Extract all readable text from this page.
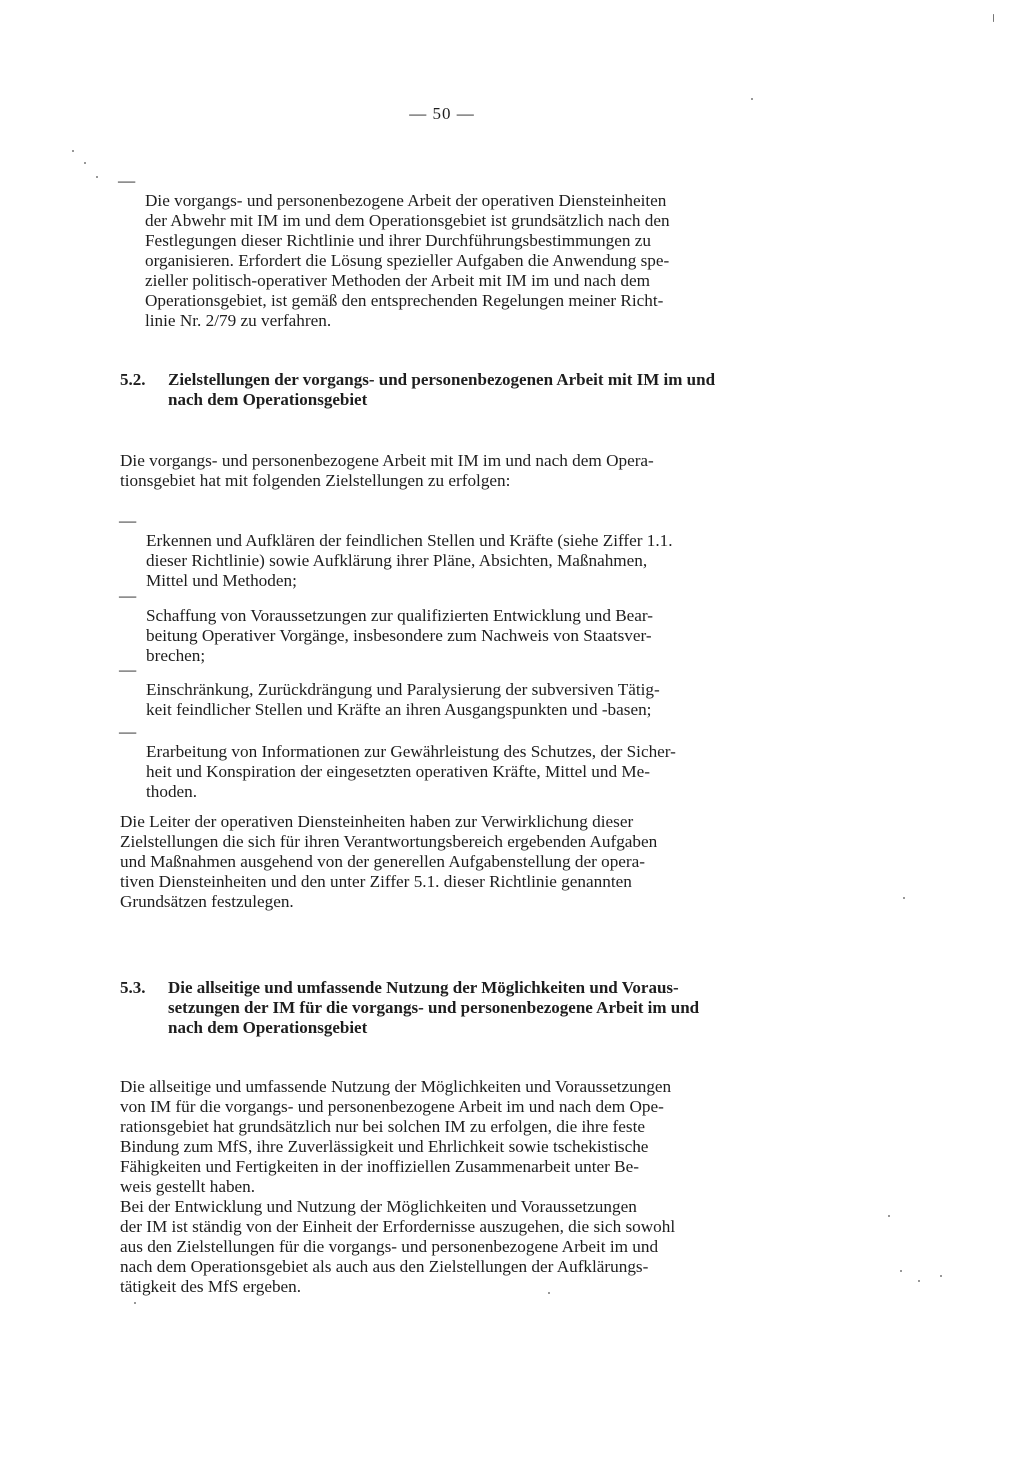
— 50 —

—
Die vorgangs- und personenbezogene Arbeit der operativen Diensteinheiten
der Abwehr mit IM im und dem Operationsgebiet ist grundsätzlich nach den
Festlegungen dieser Richtlinie und ihrer Durchführungsbestimmungen zu
organisieren. Erfordert die Lösung spezieller Aufgaben die Anwendung spe-
zieller politisch-operativer Methoden der Arbeit mit IM im und nach dem
Operationsgebiet, ist gemäß den entsprechenden Regelungen meiner Richt-
linie Nr. 2/79 zu verfahren.

5.2. Zielstellungen der vorgangs- und personenbezogenen Arbeit mit IM im und
nach dem Operationsgebiet
Die vorgangs- und personenbezogene Arbeit mit IM im und nach dem Opera-
tionsgebiet hat mit folgenden Zielstellungen zu erfolgen:

—
Erkennen und Aufklären der feindlichen Stellen und Kräfte (siehe Ziffer 1.1.
dieser Richtlinie) sowie Aufklärung ihrer Pläne, Absichten, Maßnahmen,
Mittel und Methoden;

—
Schaffung von Voraussetzungen zur qualifizierten Entwicklung und Bear-
beitung Operativer Vorgänge, insbesondere zum Nachweis von Staatsver-
brechen;

—
Einschränkung, Zurückdrängung und Paralysierung der subversiven Tätig-
keit feindlicher Stellen und Kräfte an ihren Ausgangspunkten und -basen;

—
Erarbeitung von Informationen zur Gewährleistung des Schutzes, der Sicher-
heit und Konspiration der eingesetzten operativen Kräfte, Mittel und Me-
thoden.

Die Leiter der operativen Diensteinheiten haben zur Verwirklichung dieser
Zielstellungen die sich für ihren Verantwortungsbereich ergebenden Aufgaben
und Maßnahmen ausgehend von der generellen Aufgabenstellung der opera-
tiven Diensteinheiten und den unter Ziffer 5.1. dieser Richtlinie genannten
Grundsätzen festzulegen.
5.3. Die allseitige und umfassende Nutzung der Möglichkeiten und Voraus-
setzungen der IM für die vorgangs- und personenbezogene Arbeit im und
nach dem Operationsgebiet
Die allseitige und umfassende Nutzung der Möglichkeiten und Voraussetzungen
von IM für die vorgangs- und personenbezogene Arbeit im und nach dem Ope-
rationsgebiet hat grundsätzlich nur bei solchen IM zu erfolgen, die ihre feste
Bindung zum MfS, ihre Zuverlässigkeit und Ehrlichkeit sowie tschekistische
Fähigkeiten und Fertigkeiten in der inoffiziellen Zusammenarbeit unter Be-
weis gestellt haben.
Bei der Entwicklung und Nutzung der Möglichkeiten und Voraussetzungen
der IM ist ständig von der Einheit der Erfordernisse auszugehen, die sich sowohl
aus den Zielstellungen für die vorgangs- und personenbezogene Arbeit im und
nach dem Operationsgebiet als auch aus den Zielstellungen der Aufklärungs-
tätigkeit des MfS ergeben.
